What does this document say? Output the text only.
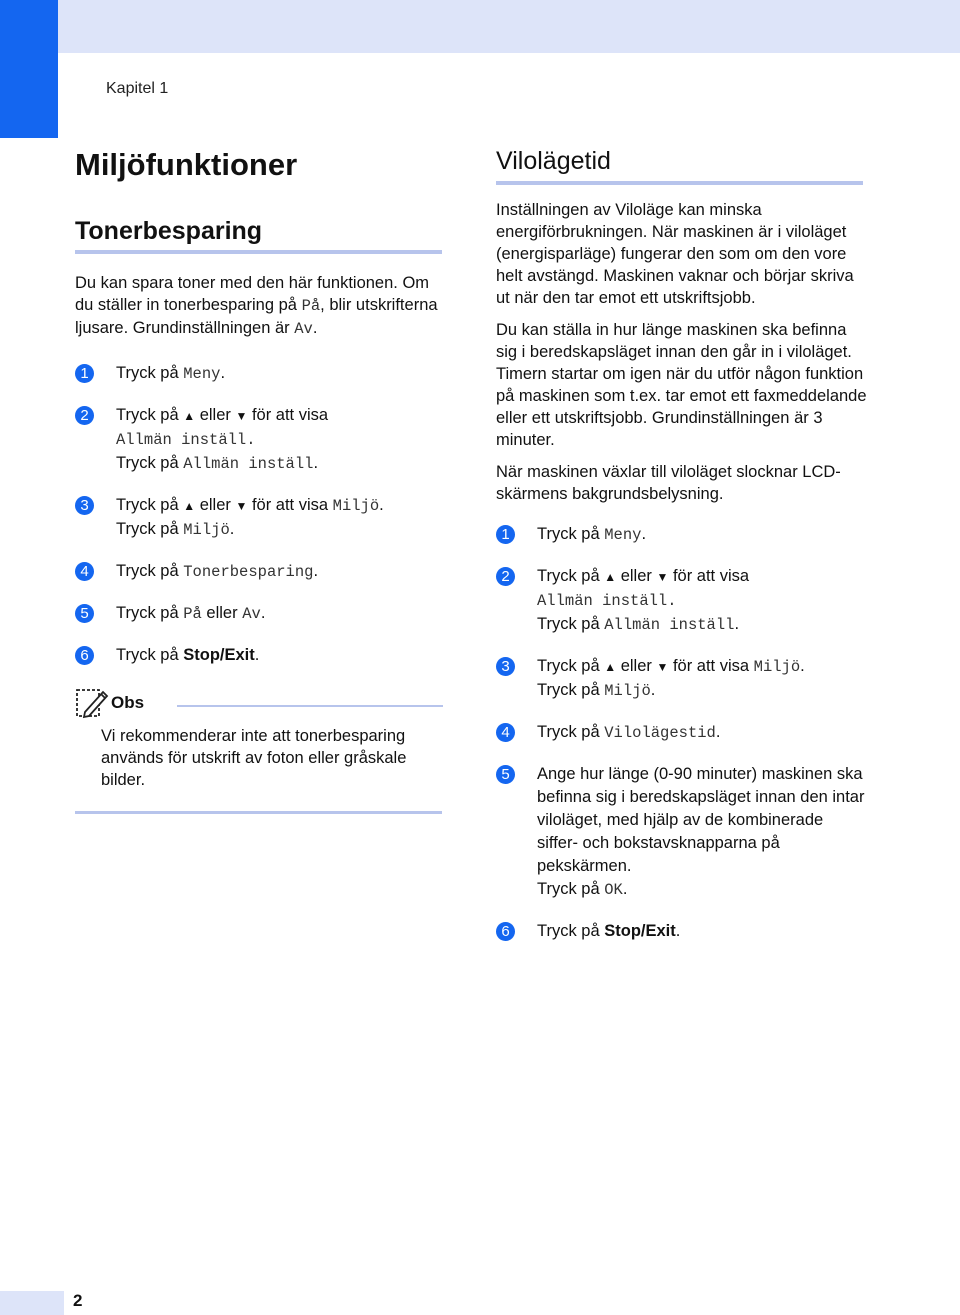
Kapitel 1
Miljöfunktioner
Tonerbesparing

Du kan spara toner med den här funktionen. Om du ställer in tonerbesparing på På, blir utskrifterna ljusare. Grundinställningen är Av.

1	Tryck på Meny.
2	Tryck på ▲ eller ▼ för att visa
Allmän inställ.
Tryck på Allmän inställ.
3	Tryck på ▲ eller ▼ för att visa Miljö.
Tryck på Miljö.
4	Tryck på Tonerbesparing.
5	Tryck på På eller Av.
6	Tryck på Stop/Exit.
Obs
Vi rekommenderar inte att tonerbesparing används för utskrift av foton eller gråskale bilder.
Vilolägetid

Inställningen av Viloläge kan minska energiförbrukningen. När maskinen är i viloläget (energisparläge) fungerar den som om den vore helt avstängd. Maskinen vaknar och börjar skriva ut när den tar emot ett utskriftsjobb.

Du kan ställa in hur länge maskinen ska befinna sig i beredskapsläget innan den går in i viloläget. Timern startar om igen när du utför någon funktion på maskinen som t.ex. tar emot ett faxmeddelande eller ett utskriftsjobb. Grundinställningen är 3 minuter.

När maskinen växlar till viloläget slocknar LCD-skärmens bakgrundsbelysning.

1	Tryck på Meny.
2	Tryck på ▲ eller ▼ för att visa
Allmän inställ.
Tryck på Allmän inställ.
3	Tryck på ▲ eller ▼ för att visa Miljö.
Tryck på Miljö.
4	Tryck på Vilolägestid.
5	Ange hur länge (0-90 minuter) maskinen ska befinna sig i beredskapsläget innan den intar viloläget, med hjälp av de kombinerade siffer- och bokstavsknapparna på pekskärmen.
Tryck på OK.
6	Tryck på Stop/Exit.
2
